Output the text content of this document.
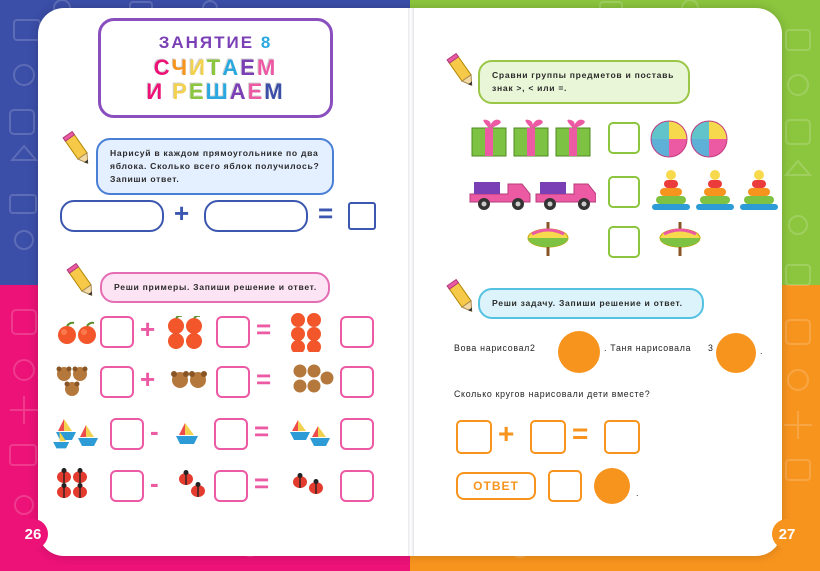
26	27
ЗАНЯТИЕ 8
СЧИТАЕМ
И РЕШАЕМ
Нарисуй в каждом прямоугольнике по два яблока. Сколько всего яблок получилось? Запиши ответ.
+	=
Реши примеры. Запиши решение и ответ.
+	=
+	=
-	=
-	=
Сравни группы предметов и поставь знак >, < или =.
Реши задачу. Запиши решение и ответ.
Вова нарисовал 2	. Таня нарисовала 3	.
Сколько кругов нарисовали дети вместе?
+ =
ОТВЕТ	.
